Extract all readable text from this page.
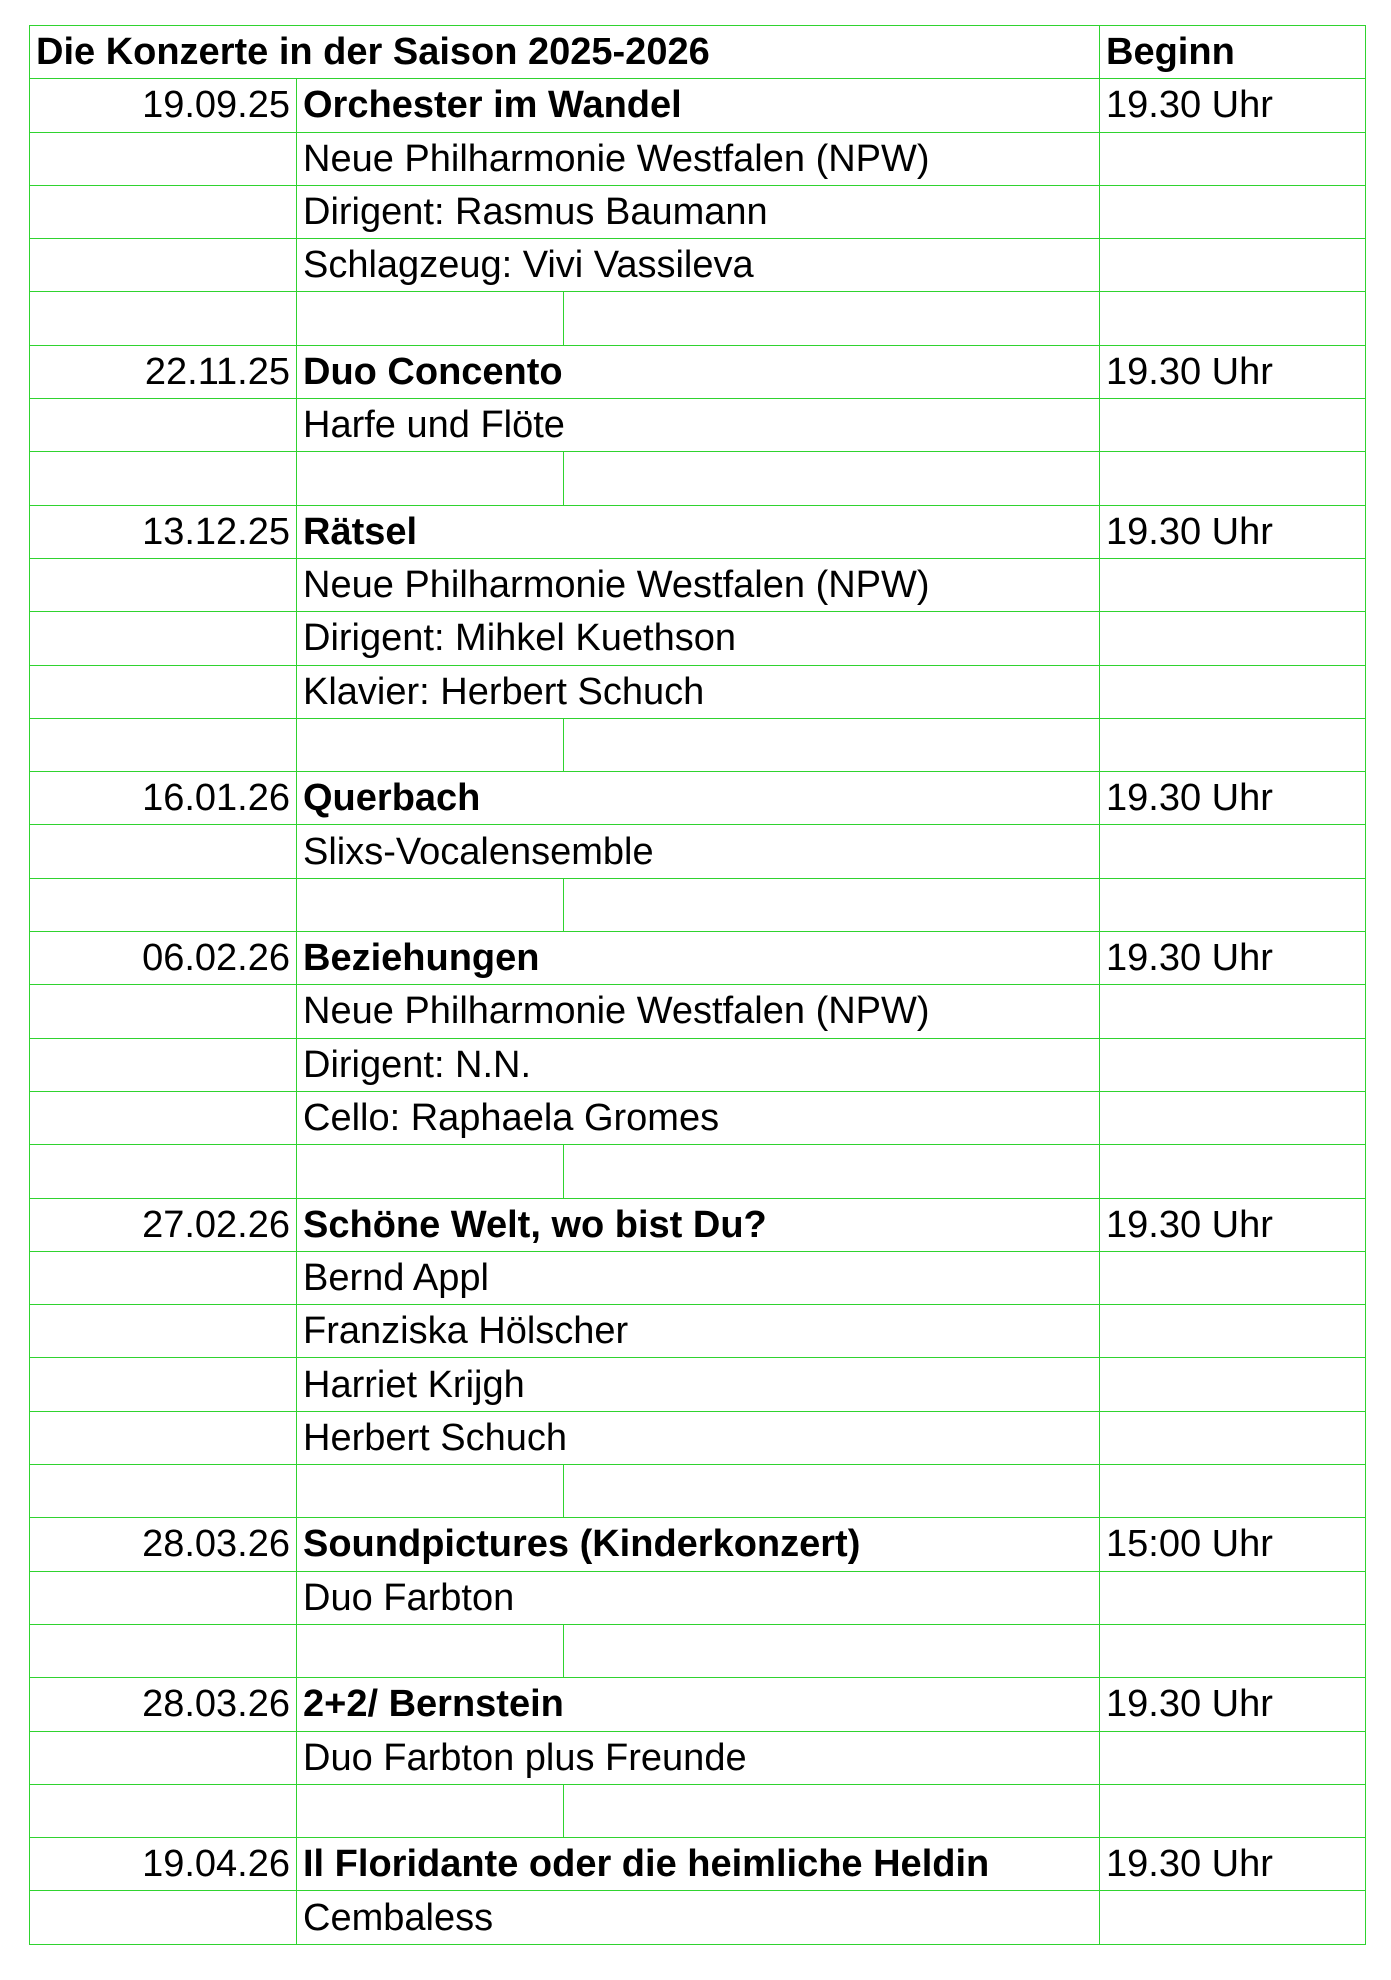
Die Konzerte in der Saison 2025-2026			Beginn
19.09.25	Orchester im Wandel		19.30 Uhr
	Neue Philharmonie Westfalen (NPW)		
	Dirigent: Rasmus Baumann		
	Schlagzeug: Vivi Vassileva		

22.11.25	Duo Concento		19.30 Uhr
	Harfe und Flöte		

13.12.25	Rätsel		19.30 Uhr
	Neue Philharmonie Westfalen (NPW)		
	Dirigent: Mihkel Kuethson		
	Klavier: Herbert Schuch		

16.01.26	Querbach		19.30 Uhr
	Slixs-Vocalensemble		

06.02.26	Beziehungen		19.30 Uhr
	Neue Philharmonie Westfalen (NPW)		
	Dirigent: N.N.		
	Cello: Raphaela Gromes		

27.02.26	Schöne Welt, wo bist Du?		19.30 Uhr
	Bernd Appl		
	Franziska Hölscher		
	Harriet Krijgh		
	Herbert Schuch		

28.03.26	Soundpictures (Kinderkonzert)		15:00 Uhr
	Duo Farbton		

28.03.26	2+2/ Bernstein		19.30 Uhr
	Duo Farbton plus Freunde		

19.04.26	Il Floridante oder die heimliche Heldin		19.30 Uhr
	Cembaless		
